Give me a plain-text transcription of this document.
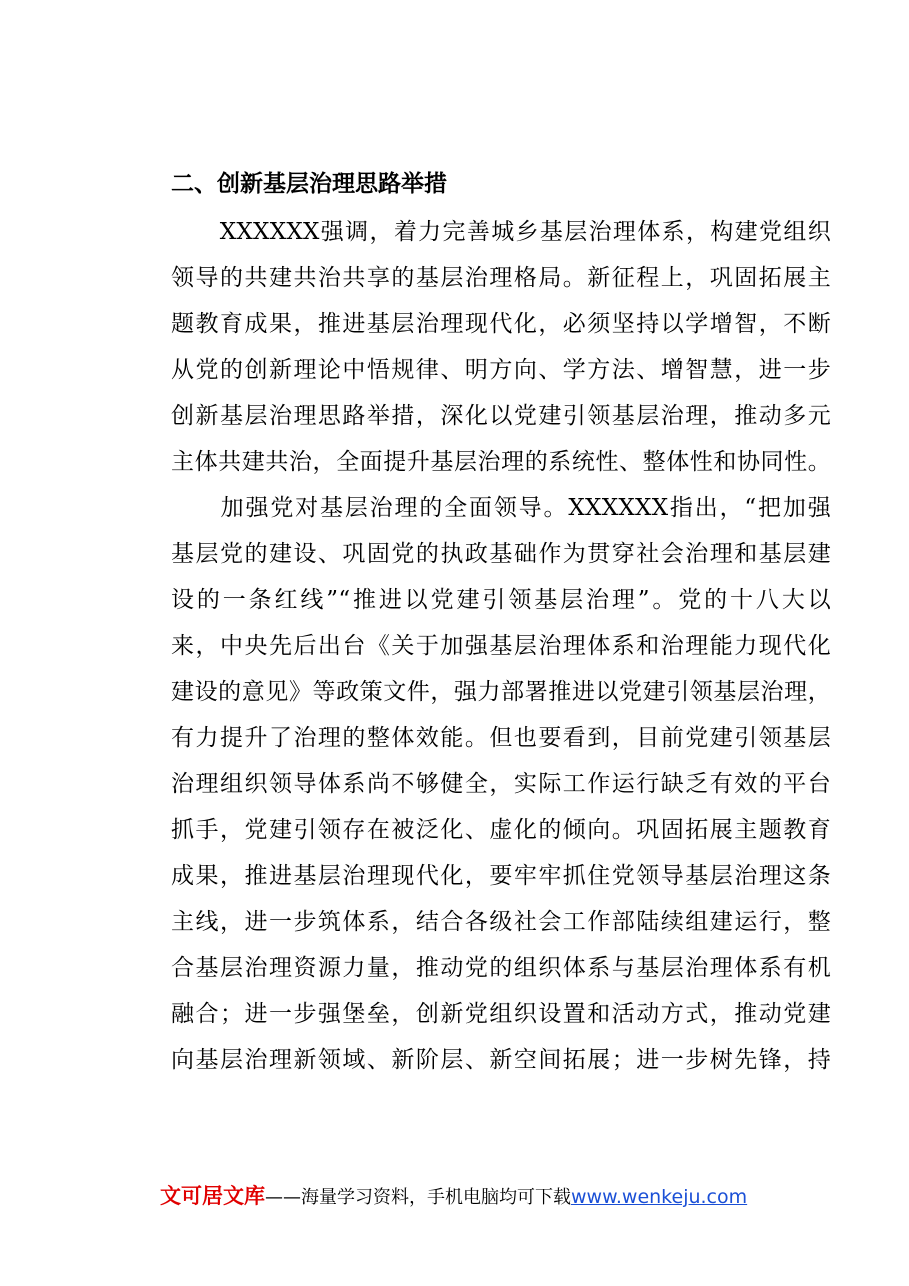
二、创新基层治理思路举措
　　XXXXXX强调，着力完善城乡基层治理体系，构建党组织
领导的共建共治共享的基层治理格局。新征程上，巩固拓展主
题教育成果，推进基层治理现代化，必须坚持以学增智，不断
从党的创新理论中悟规律、明方向、学方法、增智慧，进一步
创新基层治理思路举措，深化以党建引领基层治理，推动多元
主体共建共治，全面提升基层治理的系统性、整体性和协同性。
　　加强党对基层治理的全面领导。XXXXXX指出，“把加强
基层党的建设、巩固党的执政基础作为贯穿社会治理和基层建
设的一条红线”“推进以党建引领基层治理”。党的十八大以
来，中央先后出台《关于加强基层治理体系和治理能力现代化
建设的意见》等政策文件，强力部署推进以党建引领基层治理，
有力提升了治理的整体效能。但也要看到，目前党建引领基层
治理组织领导体系尚不够健全，实际工作运行缺乏有效的平台
抓手，党建引领存在被泛化、虚化的倾向。巩固拓展主题教育
成果，推进基层治理现代化，要牢牢抓住党领导基层治理这条
主线，进一步筑体系，结合各级社会工作部陆续组建运行，整
合基层治理资源力量，推动党的组织体系与基层治理体系有机
融合；进一步强堡垒，创新党组织设置和活动方式，推动党建
向基层治理新领域、新阶层、新空间拓展；进一步树先锋，持
文可居文库——海量学习资料，手机电脑均可下载www.wenkeju.com
